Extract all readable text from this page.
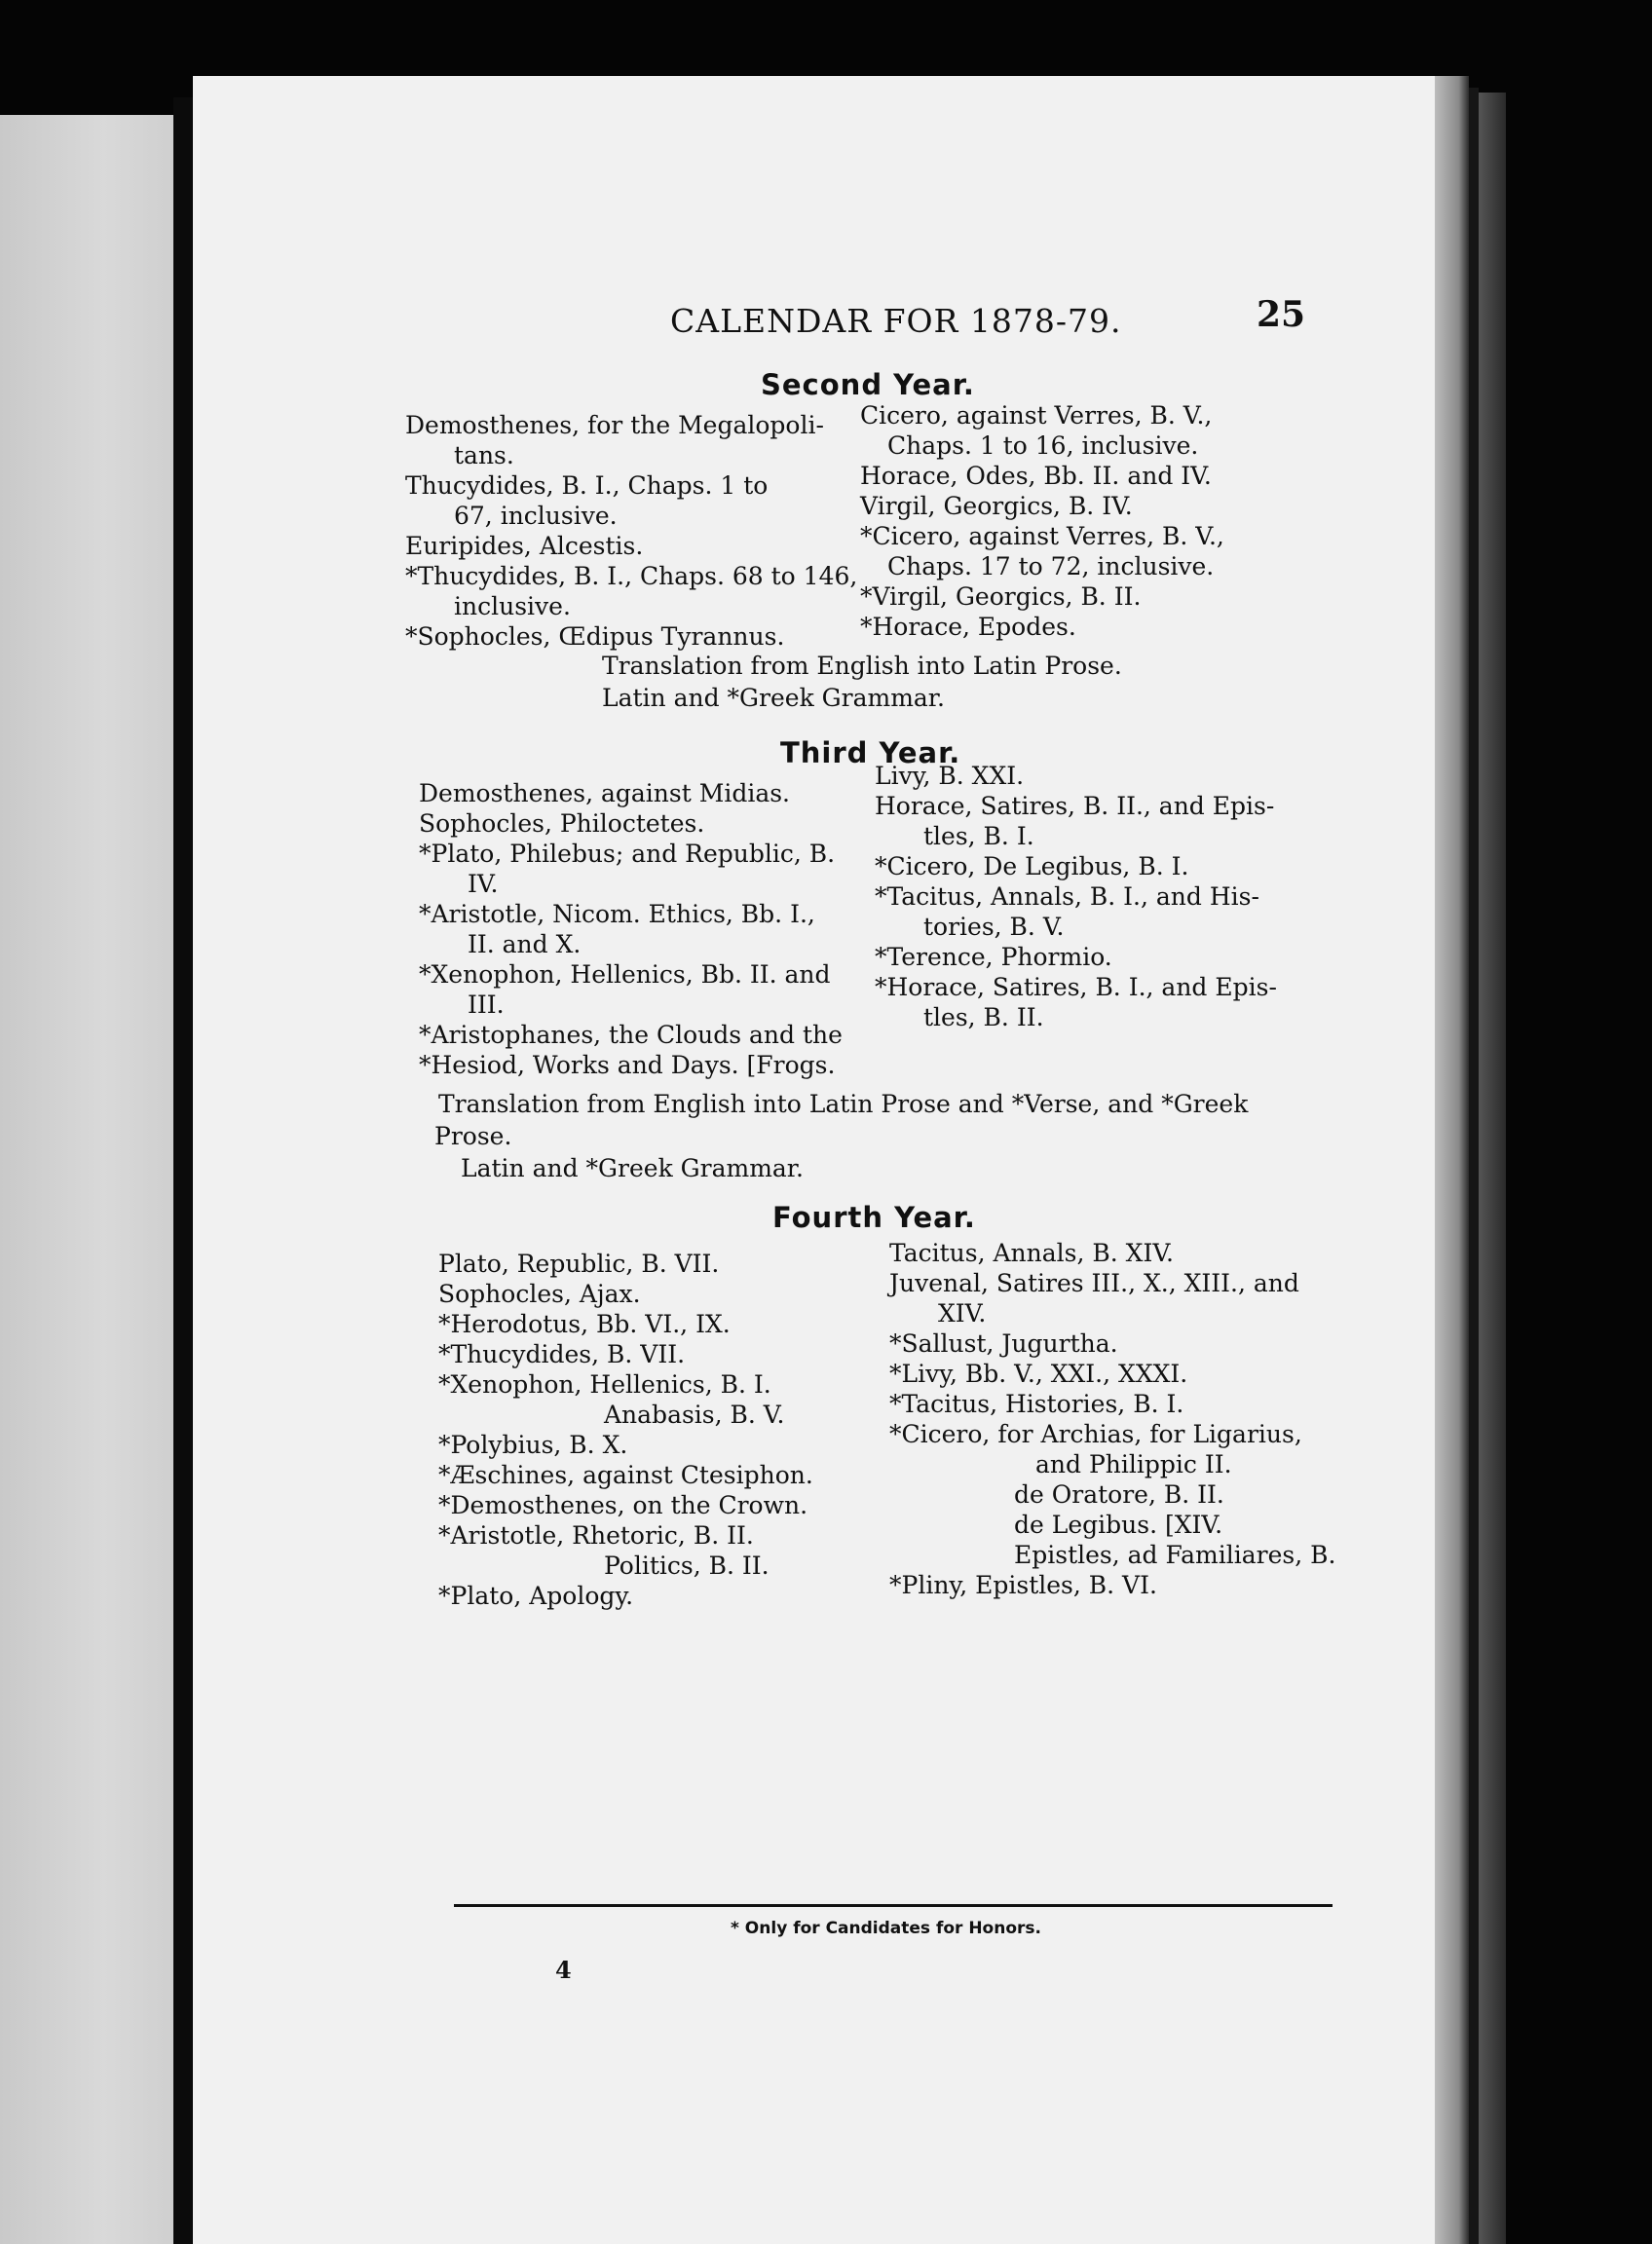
CALENDAR FOR 1878-79.	25
Second Year.
Demosthenes, for the Megalopoli-
tans.
Thucydides, B. I., Chaps. 1 to
67, inclusive.
Euripides, Alcestis.
*Thucydides, B. I., Chaps. 68 to 146,
inclusive.
*Sophocles, Œdipus Tyrannus.
Cicero, against Verres, B. V.,
Chaps. 1 to 16, inclusive.
Horace, Odes, Bb. II. and IV.
Virgil, Georgics, B. IV.
*Cicero, against Verres, B. V.,
Chaps. 17 to 72, inclusive.
*Virgil, Georgics, B. II.
*Horace, Epodes.
Translation from English into Latin Prose.
Latin and *Greek Grammar.
Third Year.
Demosthenes, against Midias.
Sophocles, Philoctetes.
*Plato, Philebus; and Republic, B.
IV.
*Aristotle, Nicom. Ethics, Bb. I.,
II. and X.
*Xenophon, Hellenics, Bb. II. and
III.
*Aristophanes, the Clouds and the
*Hesiod, Works and Days. [Frogs.
Livy, B. XXI.
Horace, Satires, B. II., and Epis-
tles, B. I.
*Cicero, De Legibus, B. I.
*Tacitus, Annals, B. I., and His-
tories, B. V.
*Terence, Phormio.
*Horace, Satires, B. I., and Epis-
tles, B. II.
Translation from English into Latin Prose and *Verse, and *Greek
Prose.
Latin and *Greek Grammar.
Fourth Year.
Plato, Republic, B. VII.
Sophocles, Ajax.
*Herodotus, Bb. VI., IX.
*Thucydides, B. VII.
*Xenophon, Hellenics, B. I.
Anabasis, B. V.
*Polybius, B. X.
*Æschines, against Ctesiphon.
*Demosthenes, on the Crown.
*Aristotle, Rhetoric, B. II.
Politics, B. II.
*Plato, Apology.
Tacitus, Annals, B. XIV.
Juvenal, Satires III., X., XIII., and
XIV.
*Sallust, Jugurtha.
*Livy, Bb. V., XXI., XXXI.
*Tacitus, Histories, B. I.
*Cicero, for Archias, for Ligarius,
and Philippic II.
de Oratore, B. II.
de Legibus. [XIV.
Epistles, ad Familiares, B.
*Pliny, Epistles, B. VI.
* Only for Candidates for Honors.
4
